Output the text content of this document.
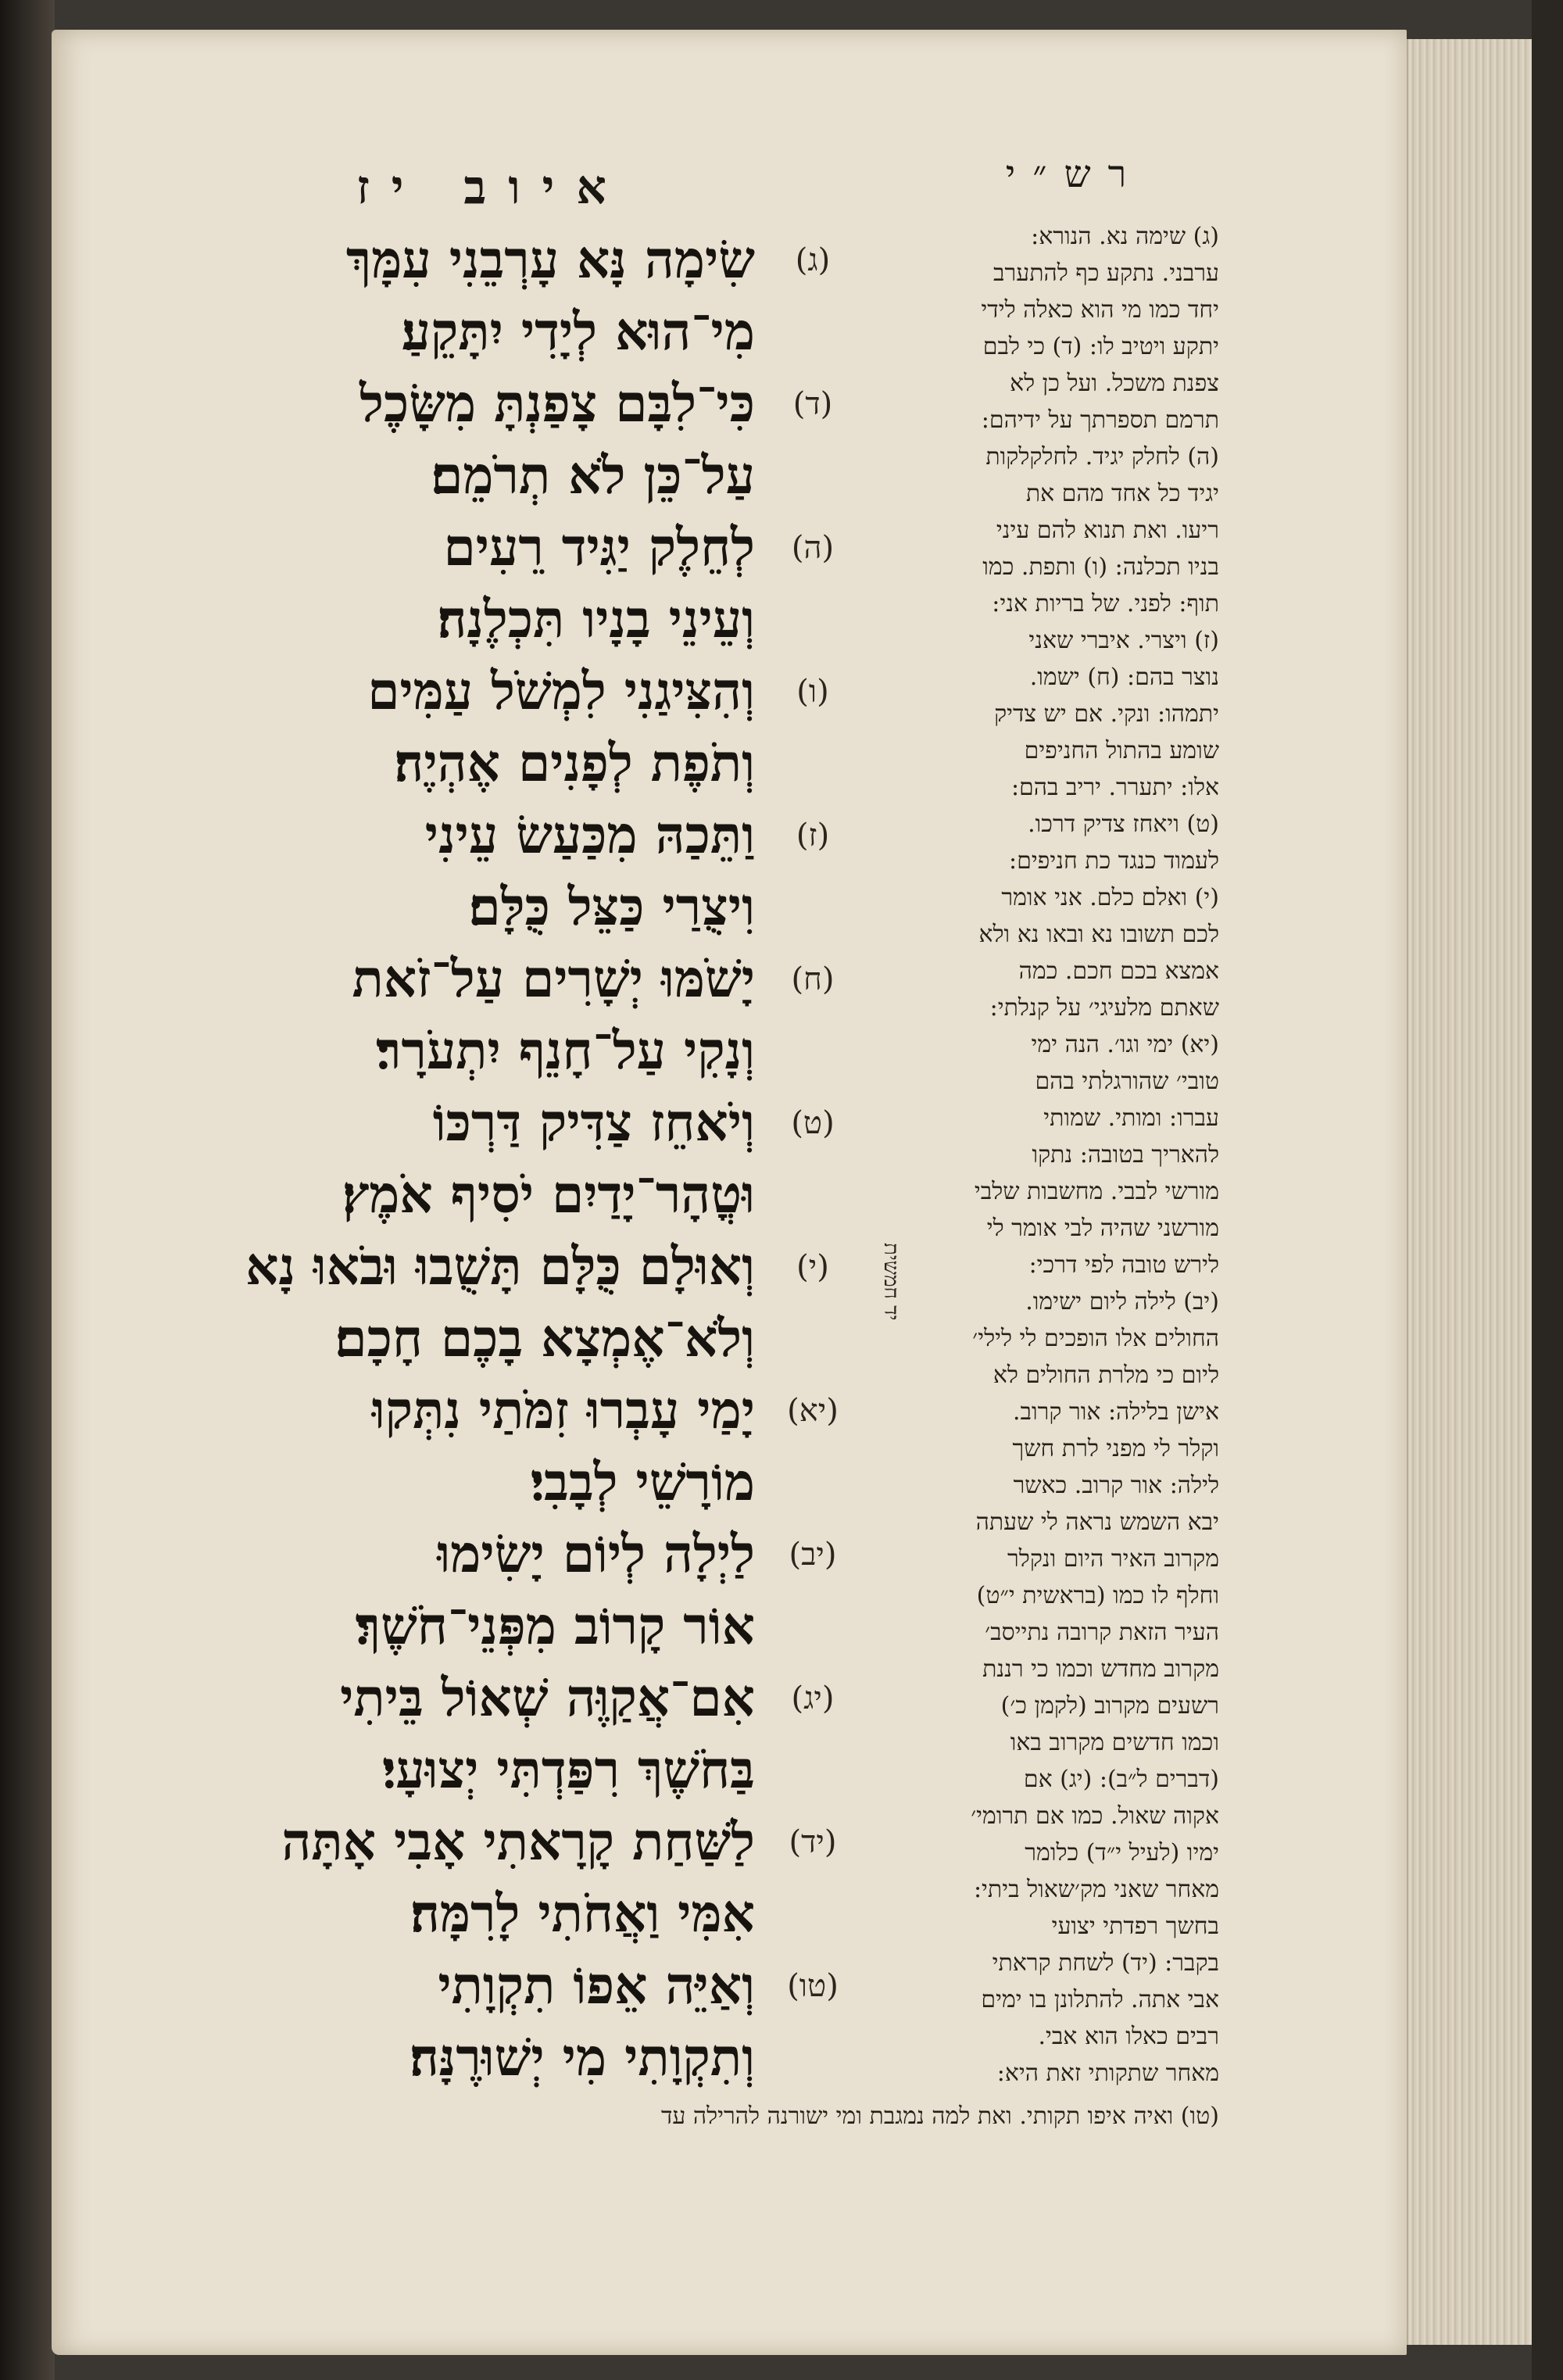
איוב יז	רש״י
(ג)
שִׂימָה נָּא עָרְבֵנִי עִמָּךְ
מִי־הוּא לְיָדִי יִתָּקֵעַ׃
(ד)
כִּי־לִבָּם צָפַנְתָּ מִשָּׂכֶל
עַל־כֵּן לֹא תְרֹמֵם׃
(ה)
לְחֵלֶק יַגִּיד רֵעִים
וְעֵינֵי בָנָיו תִּכְלֶנָה׃
(ו)
וְהִצִּיגַנִי לִמְשֹׁל עַמִּים
וְתֹפֶת לְפָנִים אֶהְיֶה׃
(ז)
וַתֵּכַהּ מִכַּעַשׂ עֵינִי
וִיצֻרַי כַּצֵּל כֻּלָּם׃
(ח)
יָשֹׁמּוּ יְשָׁרִים עַל־זֹאת
וְנָקִי עַל־חָנֵף יִתְעֹרָר׃
(ט)
וְיֹאחֵז צַדִּיק דַּרְכּוֹ
וּטֳהָר־יָדַיִם יֹסִיף אֹמֶץ׃
(י)
וְאוּלָם כֻּלָּם תָּשֻׁבוּ וּבֹאוּ נָא
וְלֹא־אֶמְצָא בָכֶם חָכָם׃
(יא)
יָמַי עָבְרוּ זִמֹּתַי נִתְּקוּ
מוֹרָשֵׁי לְבָבִי׃
(יב)
לַיְלָה לְיוֹם יָשִׂימוּ
אוֹר קָרוֹב מִפְּנֵי־חֹשֶׁךְ׃
(יג)
אִם־אֲקַוֶּה שְׁאוֹל בֵּיתִי
בַּחֹשֶׁךְ רִפַּדְתִּי יְצוּעָי׃
(יד)
לַשַּׁחַת קָרָאתִי אָבִי אָתָּה
אִמִּי וַאֲחֹתִי לָרִמָּה׃
(טו)
וְאַיֵּה אֵפוֹ תִקְוָתִי
וְתִקְוָתִי מִי יְשׁוּרֶנָּה׃
יד חמשית
(ג) שימה נא. הנורא:
ערבני. נתקע כף להתערב
יחד כמו מי הוא כאלה לידי
יתקע ויטיב לו: (ד) כי לבם
צפנת משכל. ועל כן לא
תרמם תספרתך על ידיהם:
(ה) לחלק יגיד. לחלקלקות
יגיד כל אחד מהם את
ריעו. ואת תנוא להם עיני
בניו תכלנה: (ו) ותפת. כמו
תוף: לפני. של בריות אני:
(ז) ויצרי. איברי שאני
נוצר בהם: (ח) ישמו.
יתמהו: ונקי. אם יש צדיק
שומע בהתול החניפים
אלו: יתערר. יריב בהם:
(ט) ויאחז צדיק דרכו.
לעמוד כנגד כת חניפים:
(י) ואלם כלם. אני אומר
לכם תשובו נא ובאו נא ולא
אמצא בכם חכם. כמה
שאתם מלעיגי׳ על קנלתי:
(יא) ימי וגו׳. הנה ימי
טובי׳ שהורגלתי בהם
עברו: ומותי. שמותי
להאריך בטובה: נתקו
מורשי לבבי. מחשבות שלבי
מורשני שהיה לבי אומר לי
לירש טובה לפי דרכי:
(יב) לילה ליום ישימו.
החולים אלו הופכים לי לילי׳
ליום כי מלרת החולים לא
אישן בלילה: אור קרוב.
וקלר לי מפני לרת חשך
לילה: אור קרוב. כאשר
יבא השמש נראה לי שעתה
מקרוב האיר היום ונקלר
וחלף לו כמו (בראשית י״ט)
העיר הזאת קרובה נתייסב׳
מקרוב מחדש וכמו כי רננת
רשעים מקרוב (לקמן כ׳)
וכמו חדשים מקרוב באו
(דברים ל״ב): (יג) אם
אקוה שאול. כמו אם תרומי׳
ימיו (לעיל י״ד) כלומר
מאחר שאני מק׳שאול ביתי:
בחשך רפדתי יצועי
בקבר: (יד) לשחת קראתי
אבי אתה. להתלונן בו ימים
רבים כאלו הוא אבי.
מאחר שתקותי זאת היא:
(טו) ואיה איפו תקותי. ואת למה נמגבת ומי ישורנה להרילה עד
